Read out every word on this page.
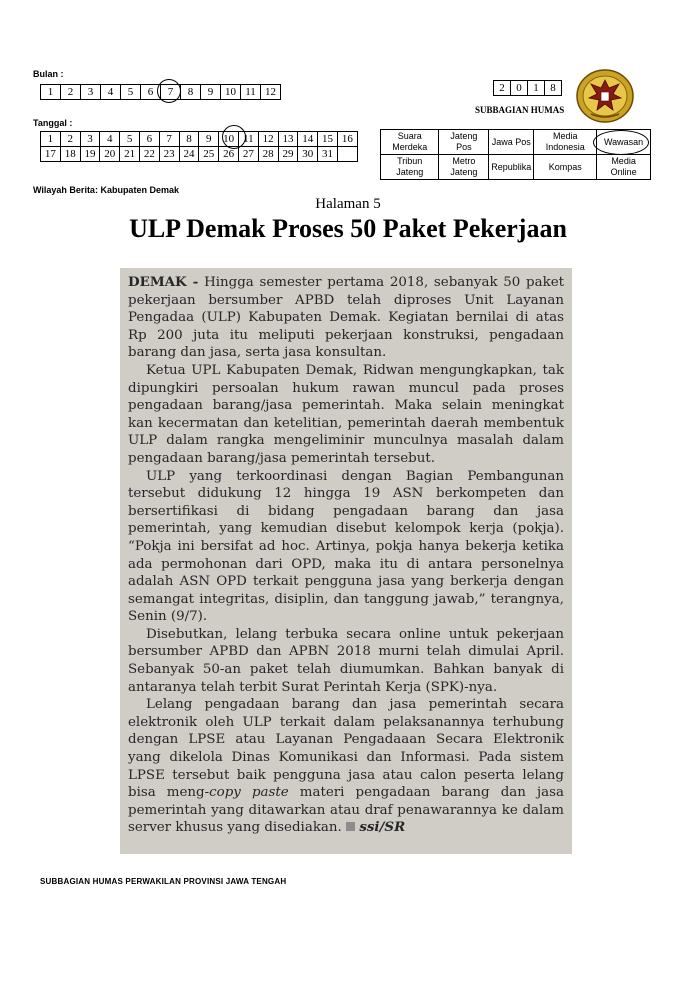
Bulan :
1	2	3	4	5	6	7	8	9	10	11	12
Tanggal :
1	2	3	4	5	6	7	8	9	10	11	12	13	14	15	16
17	18	19	20	21	22	23	24	25	26	27	28	29	30	31	
Wilayah Berita: Kabupaten Demak
2	0	1	8
SUBBAGIAN HUMAS
Suara Merdeka	Jateng Pos	Jawa Pos	Media Indonesia	Wawasan
Tribun Jateng	Metro Jateng	Republika	Kompas	Media Online
Halaman 5
ULP Demak Proses 50 Paket Pekerjaan

DEMAK - Hingga semester pertama 2018, sebanyak 50 paket pekerjaan bersumber APBD telah diproses Unit Layanan Pengadaa (ULP) Kabupaten Demak. Kegiatan bernilai di atas Rp 200 juta itu meliputi pekerjaan konstruksi, pengadaan barang dan jasa, serta jasa konsultan.

Ketua UPL Kabupaten Demak, Ridwan mengungkapkan, tak dipungkiri persoalan hukum rawan muncul pada proses pengadaan barang/jasa pemerintah. Maka selain meningkat kan kecermatan dan ketelitian, pemerintah daerah membentuk ULP dalam rangka mengeliminir munculnya masalah dalam pengadaan barang/jasa pemerintah tersebut.

ULP yang terkoordinasi dengan Bagian Pembangunan tersebut didukung 12 hingga 19 ASN berkompeten dan bersertifikasi di bidang pengadaan barang dan jasa pemerintah, yang kemudian disebut kelompok kerja (pokja). “Pokja ini bersifat ad hoc. Artinya, pokja hanya bekerja ketika ada permohonan dari OPD, maka itu di antara personelnya adalah ASN OPD terkait pengguna jasa yang berkerja dengan semangat integritas, disiplin, dan tanggung jawab,” terangnya, Senin (9/7).

Disebutkan, lelang terbuka secara online untuk pekerjaan bersumber APBD dan APBN 2018 murni telah dimulai April. Sebanyak 50-an paket telah diumumkan. Bahkan banyak di antaranya telah terbit Surat Perintah Kerja (SPK)-nya.

Lelang pengadaan barang dan jasa pemerintah secara elektronik oleh ULP terkait dalam pelaksanannya terhubung dengan LPSE atau Layanan Pengadaaan Secara Elektronik yang dikelola Dinas Komunikasi dan Informasi. Pada sistem LPSE tersebut baik pengguna jasa atau calon peserta lelang bisa meng-copy paste materi pengadaan barang dan jasa pemerintah yang ditawarkan atau draf penawarannya ke dalam server khusus yang disediakan. ssi/SR

SUBBAGIAN HUMAS PERWAKILAN PROVINSI JAWA TENGAH
